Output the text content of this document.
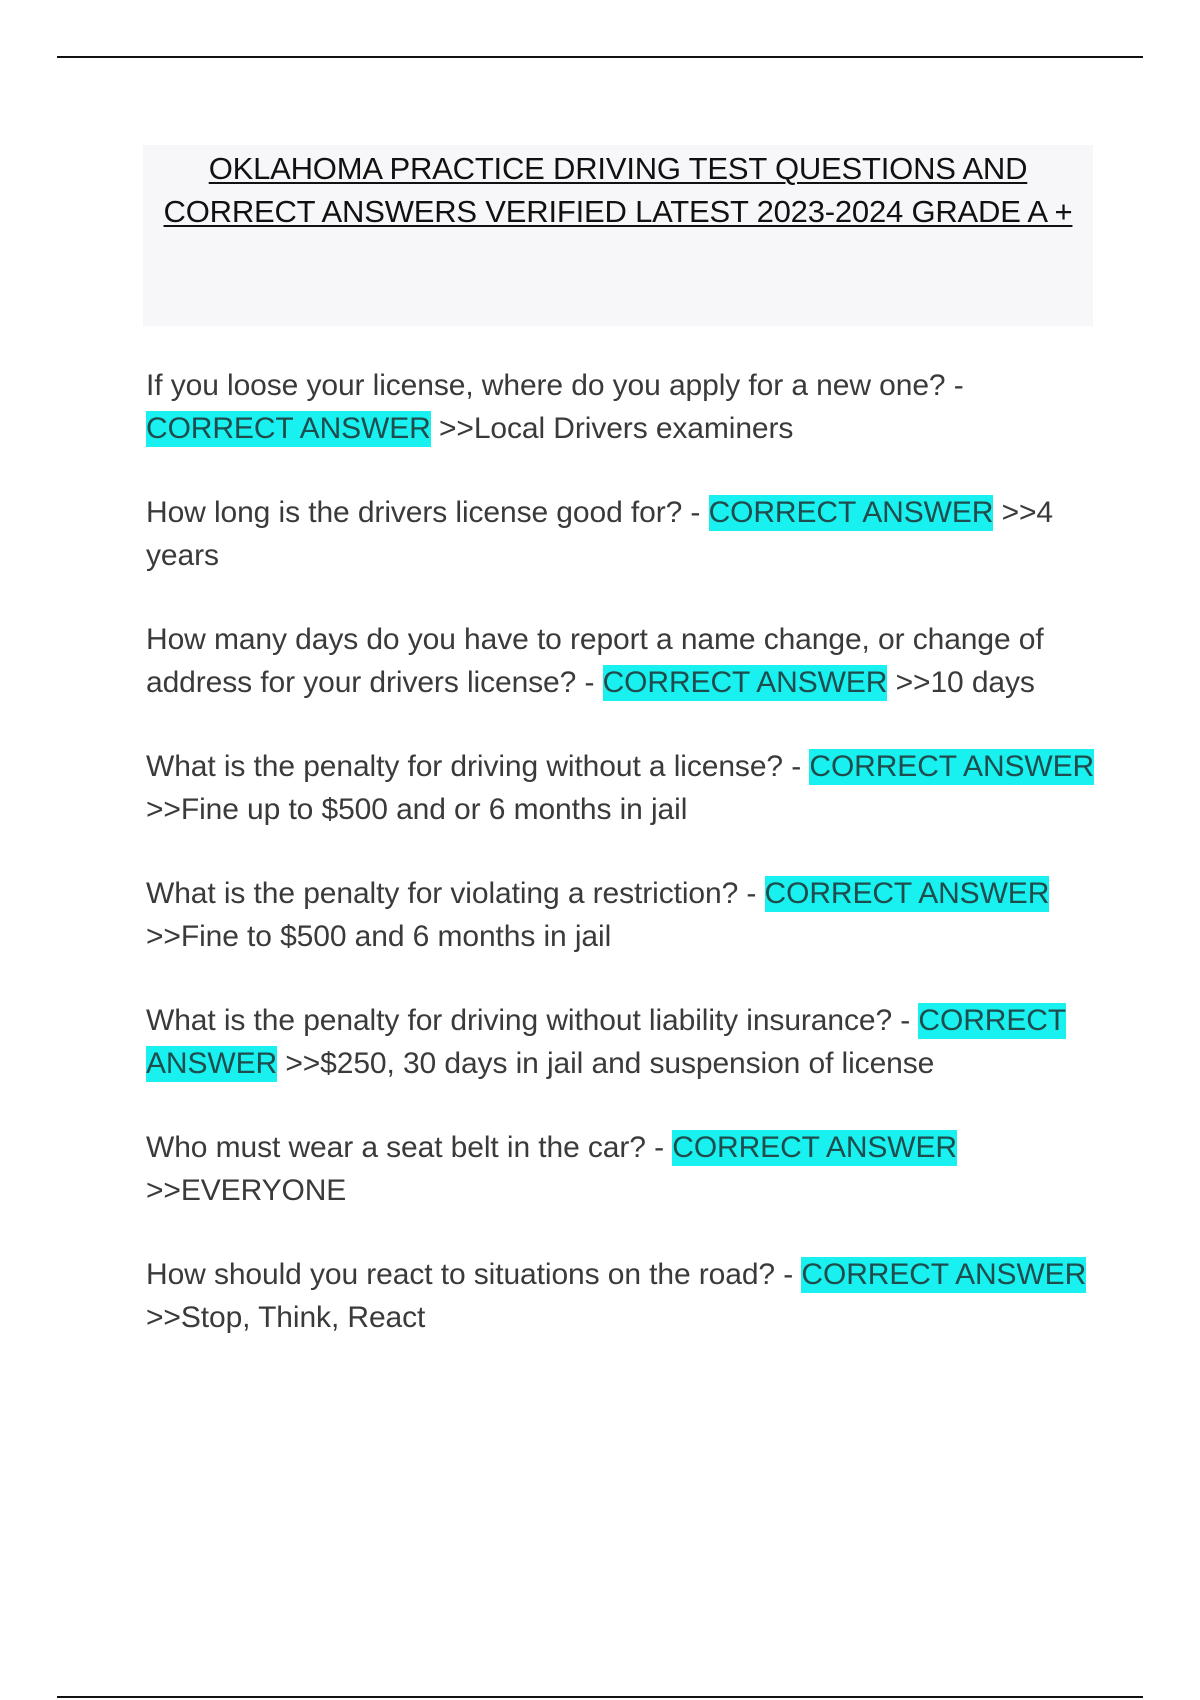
OKLAHOMA PRACTICE DRIVING TEST QUESTIONS AND CORRECT ANSWERS VERIFIED LATEST 2023-2024 GRADE A +

If you loose your license, where do you apply for a new one? - CORRECT ANSWER >>Local Drivers examiners

How long is the drivers license good for? - CORRECT ANSWER >>4 years

How many days do you have to report a name change, or change of address for your drivers license? - CORRECT ANSWER >>10 days

What is the penalty for driving without a license? - CORRECT ANSWER >>Fine up to $500 and or 6 months in jail

What is the penalty for violating a restriction? - CORRECT ANSWER >>Fine to $500 and 6 months in jail

What is the penalty for driving without liability insurance? - CORRECT ANSWER >>$250, 30 days in jail and suspension of license

Who must wear a seat belt in the car? - CORRECT ANSWER >>EVERYONE

How should you react to situations on the road? - CORRECT ANSWER >>Stop, Think, React
